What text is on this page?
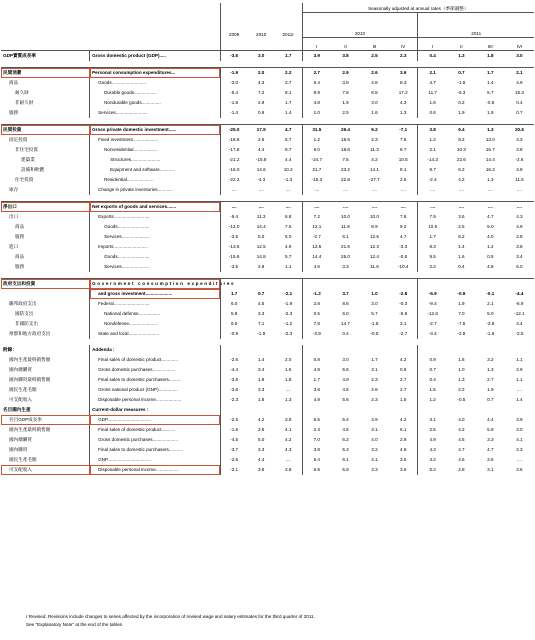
					Seasonally adjusted at annual rates（季節調整）							
		2009	2010	2011r	2010				2011			
					I	II	III	IV	I	II	IIIr	IVr
GDP實質成長率	Gross domestic product (GDP).....	-3.5	3.0	1.7	3.9	3.8	2.5	2.3	0.4	1.3	1.8	3.0

民間消費	Personal consumption expenditures...	-1.9	2.0	2.2	2.7	2.9	2.6	3.6	2.1	0.7	1.7	2.1
商品	Goods...........................	-3.0	4.3	3.7	6.4	3.8	4.8	8.3	4.7	-1.6	1.4	4.9
耐久財	Durable goods..................	-5.4	7.2	8.1	9.9	7.8	8.8	17.2	11.7	-5.3	5.7	15.3
非耐久財	Nondurable goods...............	-1.8	2.9	1.7	4.8	1.9	3.0	4.3	1.6	0.2	-0.5	0.4
服務	Services.........................	-1.4	0.9	1.4	1.0	2.5	1.6	1.3	0.6	1.9	1.9	0.7

民間投資	Gross private domestic investment......	-25.0	17.9	4.7	31.5	26.4	9.2	-7.1	3.8	6.4	1.3	20.6
固定投資	Fixed investment....................	-18.8	2.6	6.7	1.2	19.5	2.3	7.5	1.2	9.2	13.0	4.3
非住宅投資	Nonresidential...................	-17.8	4.4	8.7	6.0	18.6	11.3	8.7	2.1	10.3	15.7	2.8
建築業	Structures.......................	-21.2	-15.8	4.4	-24.7	7.5	4.2	10.5	-14.3	22.6	14.4	-2.6
設備和軟體	Equipment and software............	-16.0	14.6	10.2	21.7	23.2	14.1	8.1	8.7	6.2	16.2	4.8
住宅投資	Residential.....................	-22.2	-4.3	-1.3	-15.3	22.8	-27.7	2.5	-2.4	4.2	1.3	11.5
庫存	Change in private inventories............	....	....	....	....	....	....	....	....	....	....	....

淨出口	Net exports of goods and services.......	....	....	....	....	....	....	....	....	....	....	....
出口	Exports............................	-9.4	11.3	6.8	7.2	10.0	10.0	7.8	7.9	3.6	4.7	4.3
商品	Goods.........................	-12.0	14.4	7.5	12.1	11.8	8.9	9.2	10.6	2.5	5.0	4.9
服務	Services......................	-3.5	5.0	5.0	-2.7	6.1	12.6	4.7	1.7	6.2	4.0	2.8
進口	Imports...........................	-13.6	12.5	4.9	12.5	21.6	12.3	-2.3	8.3	1.4	1.2	3.8
商品	Goods.........................	-15.6	14.8	5.7	14.4	26.0	12.4	-0.5	9.5	1.6	0.5	3.4
服務	Services......................	-3.5	2.9	1.1	4.6	3.3	11.6	-10.4	2.2	0.4	4.8	6.0

政府支出和投資	Government consumption expenditures											
	and gross investment.....................	1.7	0.7	-2.1	-1.2	3.7	1.0	-2.8	-5.9	-0.9	-0.1	-4.4
聯邦政府支出	Federal............................	6.0	4.5	-1.9	2.8	8.8	3.0	-0.3	-9.4	1.9	2.1	-6.9
國防支出	National defense.................	5.8	3.3	-2.3	0.5	6.0	5.7	-5.9	-12.6	7.0	5.0	-12.1
非國防支出	Nondefense.......................	6.5	7.1	-1.2	7.8	14.7	-1.8	3.1	-2.7	-7.6	-3.8	4.4
州郡和地方政府支出	State and local........................	-0.9	-1.8	-2.3	-3.9	0.4	-0.5	-2.7	-3.4	-2.8	-1.6	-2.5

附錄：	Addenda :											
國內生產最終銷售額	Final sales of domestic product.............	-2.6	1.4	2.0	0.8	3.0	1.7	4.2	0.9	1.6	3.2	1.1
國內總購買	Gross domestic purchases..................	-4.4	3.4	1.6	4.8	5.6	3.1	0.9	0.7	1.0	1.3	2.9
國內購買最終銷售額	Final sales to domestic purchasers.........	-3.6	1.8	1.8	1.7	4.9	2.3	2.7	0.4	1.3	2.7	1.1
國民生產毛額	Gross national product (GNP)...............	-3.6	3.3	....	3.8	4.5	2.8	2.7	1.5	2.2	1.9	....
可支配收入	Disposable personal income....................	-2.3	1.8	1.3	4.9	5.6	2.3	1.5	1.2	-0.5	0.7	1.4
名目國內生產	Current-dollar measures :											
名目GDP成長率	GDP..................................	-2.5	4.2	3.9	5.5	5.4	3.9	4.2	3.1	4.0	4.4	3.9
國內生產最終銷售額	Final sales of domestic product...........	-1.6	2.6	4.1	2.3	4.5	3.1	6.1	2.5	4.2	5.9	2.0
國內總購買	Gross domestic purchases....................	-4.5	5.0	4.2	7.0	6.2	4.0	2.9	4.9	4.5	3.3	4.1
國內購買	Final sales to domestic purchasers...........	-3.7	3.3	4.3	3.8	5.3	3.2	4.8	4.3	4.7	4.7	2.3
國民生產毛額	GNP..................................	-2.6	4.4	....	5.4	6.1	4.1	3.5	4.2	4.6	3.5	....
可支配收入	Disposable personal income..................	-2.1	3.6	3.8	6.8	5.9	3.3	3.5	5.2	2.8	3.1	2.6
r Revised. Revisions include changes to series affected by the incorporation of revised wage and salary estimates for the third quarter of 2011.
See "Explanatory Note" at the end of the tables.
